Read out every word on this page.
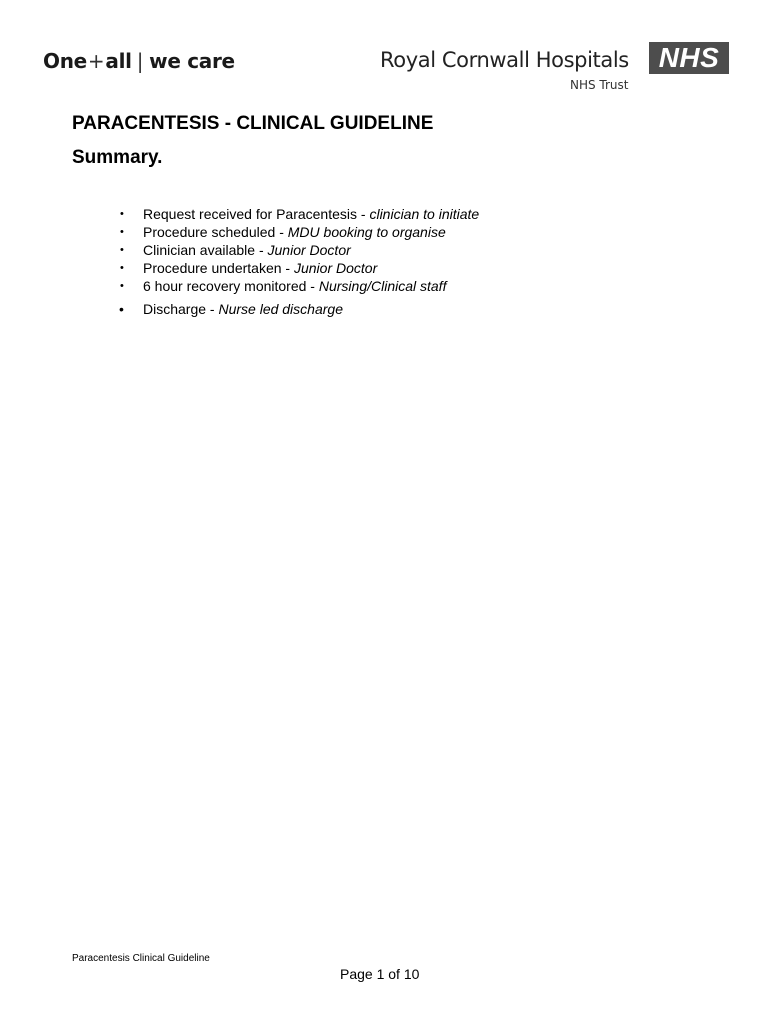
One+all | we care	Royal Cornwall Hospitals
NHS Trust
NHS
PARACENTESIS - CLINICAL GUIDELINE
Summary.
• Request received for Paracentesis - clinician to initiate
• Procedure scheduled - MDU booking to organise
• Clinician available - Junior Doctor
• Procedure undertaken - Junior Doctor
• 6 hour recovery monitored - Nursing/Clinical staff
• Discharge - Nurse led discharge
Paracentesis Clinical Guideline
Page 1 of 10
